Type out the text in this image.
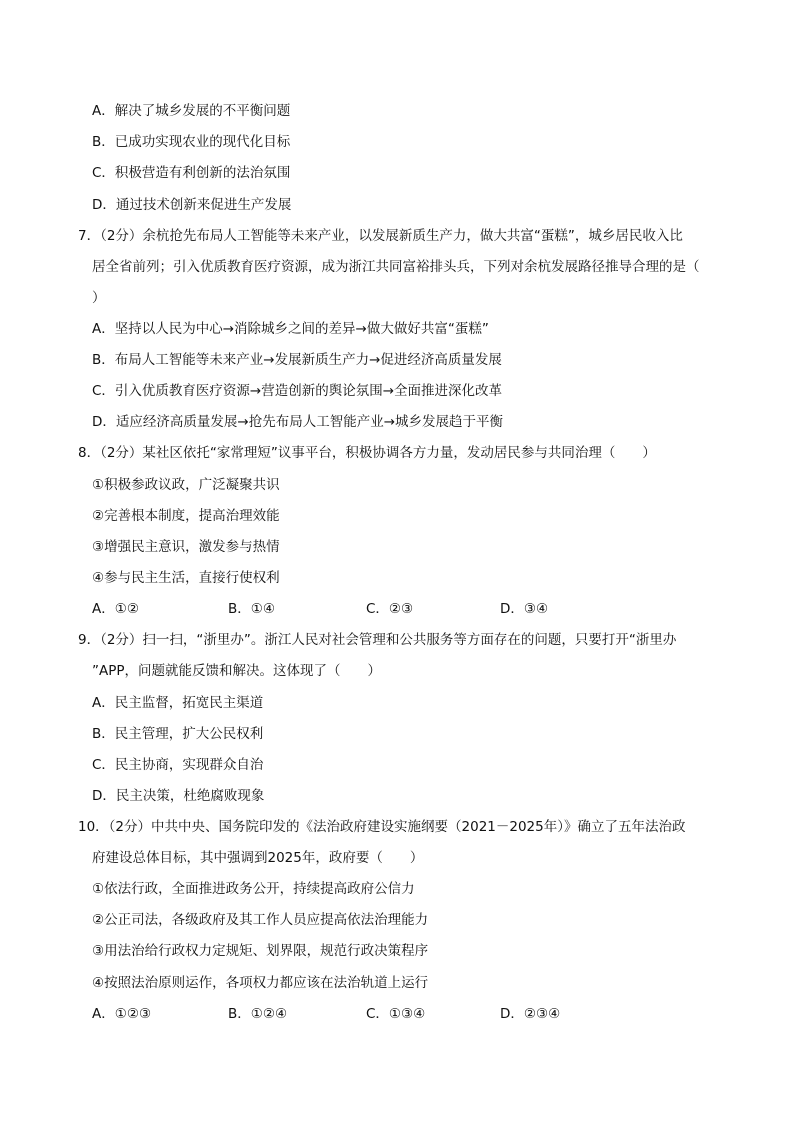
A．解决了城乡发展的不平衡问题
B．已成功实现农业的现代化目标
C．积极营造有利创新的法治氛围
D．通过技术创新来促进生产发展
7．（2分）余杭抢先布局人工智能等未来产业，以发展新质生产力，做大共富“蛋糕”，城乡居民收入比
居全省前列；引入优质教育医疗资源，成为浙江共同富裕排头兵，下列对余杭发展路径推导合理的是（
）
A．坚持以人民为中心→消除城乡之间的差异→做大做好共富“蛋糕”
B．布局人工智能等未来产业→发展新质生产力→促进经济高质量发展
C．引入优质教育医疗资源→营造创新的舆论氛围→全面推进深化改革
D．适应经济高质量发展→抢先布局人工智能产业→城乡发展趋于平衡
8．（2分）某社区依托“家常理短”议事平台，积极协调各方力量，发动居民参与共同治理（　　）
①积极参政议政，广泛凝聚共识
②完善根本制度，提高治理效能
③增强民主意识，激发参与热情
④参与民主生活，直接行使权利
A．①②	B．①④	C．②③	D．③④
9．（2分）扫一扫，“浙里办”。浙江人民对社会管理和公共服务等方面存在的问题，只要打开“浙里办
”APP，问题就能反馈和解决。这体现了（　　）
A．民主监督，拓宽民主渠道
B．民主管理，扩大公民权利
C．民主协商，实现群众自治
D．民主决策，杜绝腐败现象
10．（2分）中共中央、国务院印发的《法治政府建设实施纲要（2021－2025年）》确立了五年法治政
府建设总体目标，其中强调到2025年，政府要（　　）
①依法行政，全面推进政务公开，持续提高政府公信力
②公正司法，各级政府及其工作人员应提高依法治理能力
③用法治给行政权力定规矩、划界限，规范行政决策程序
④按照法治原则运作，各项权力都应该在法治轨道上运行
A．①②③	B．①②④	C．①③④	D．②③④
